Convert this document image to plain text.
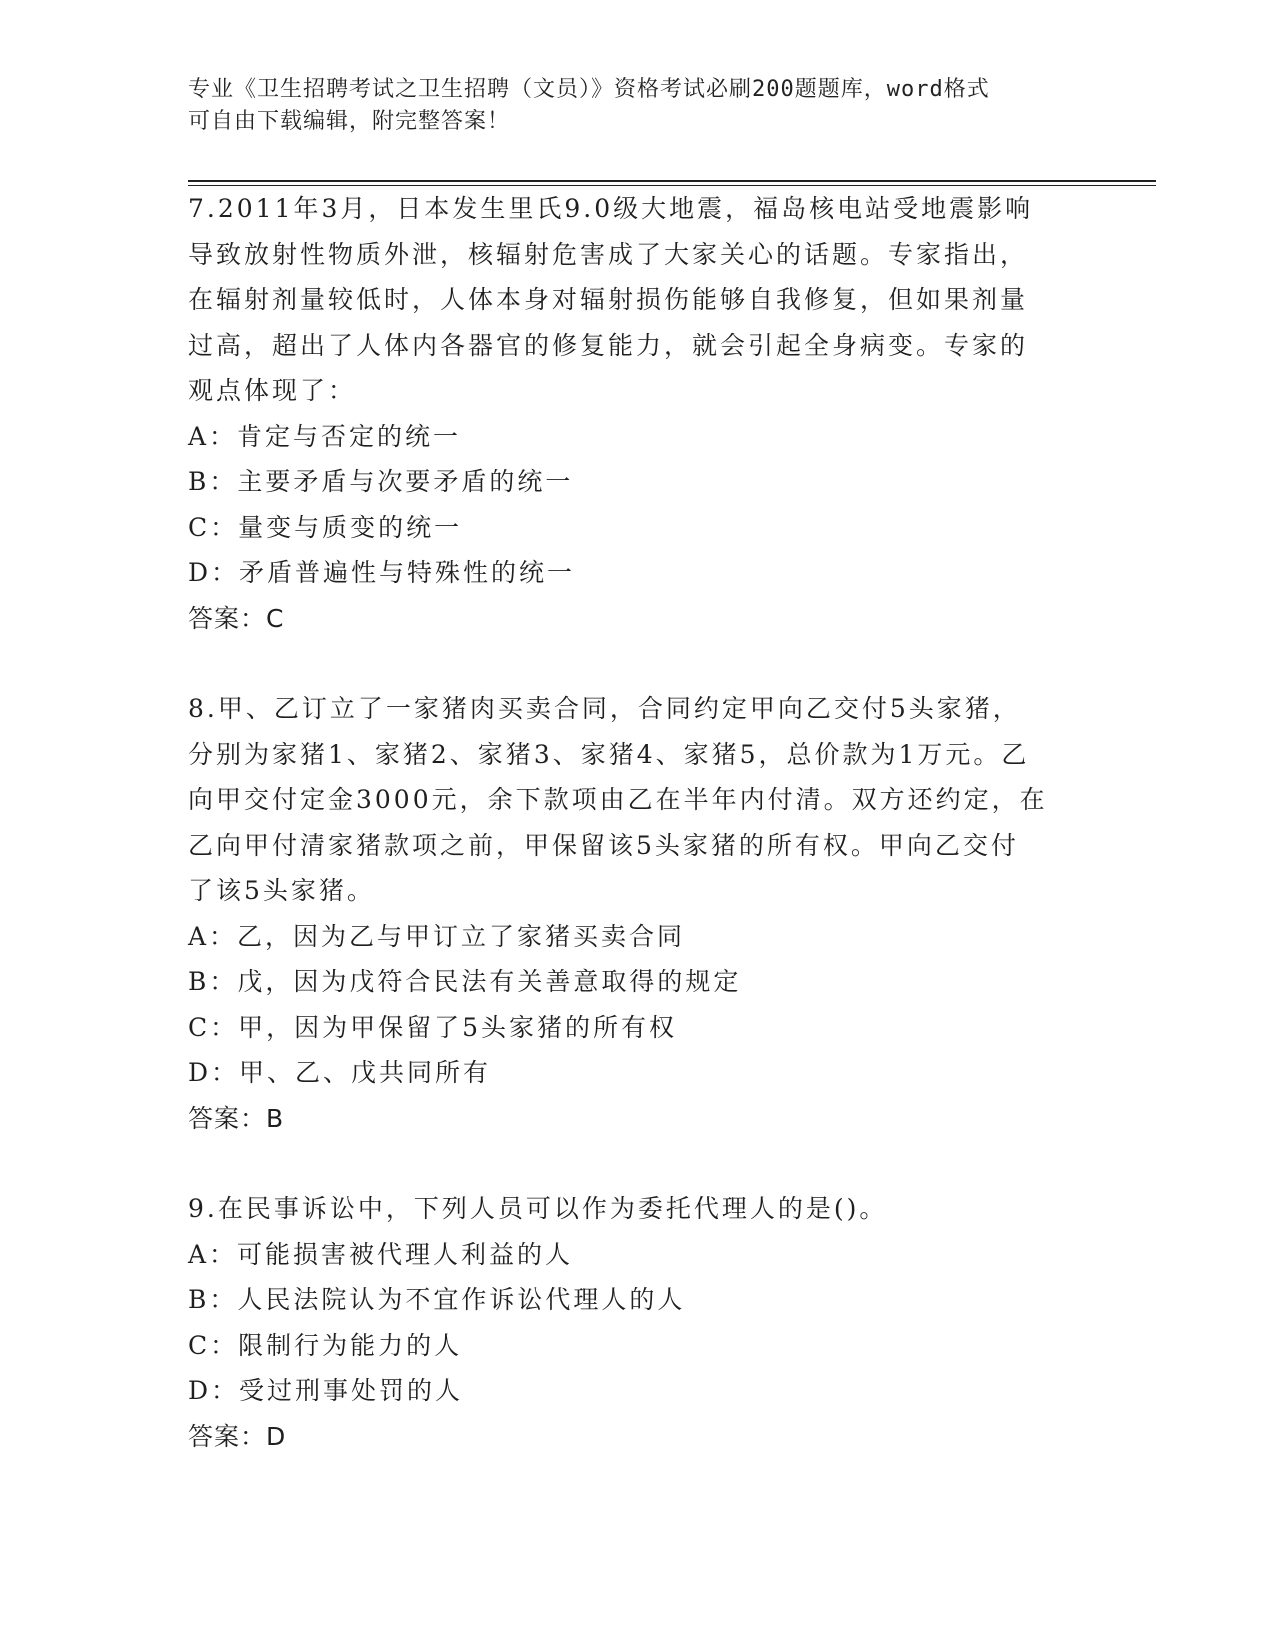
专业《卫生招聘考试之卫生招聘（文员）》资格考试必刷200题题库，word格式
可自由下载编辑，附完整答案！

7.2011年3月，日本发生里氏9.0级大地震，福岛核电站受地震影响

导致放射性物质外泄，核辐射危害成了大家关心的话题。专家指出，

在辐射剂量较低时，人体本身对辐射损伤能够自我修复，但如果剂量

过高，超出了人体内各器官的修复能力，就会引起全身病变。专家的

观点体现了：

A：肯定与否定的统一

B：主要矛盾与次要矛盾的统一

C：量变与质变的统一

D：矛盾普遍性与特殊性的统一

答案：C

8.甲、乙订立了一家猪肉买卖合同，合同约定甲向乙交付5头家猪，

分别为家猪1、家猪2、家猪3、家猪4、家猪5，总价款为1万元。乙

向甲交付定金3000元，余下款项由乙在半年内付清。双方还约定，在

乙向甲付清家猪款项之前，甲保留该5头家猪的所有权。甲向乙交付

了该5头家猪。

A：乙，因为乙与甲订立了家猪买卖合同

B：戊，因为戊符合民法有关善意取得的规定

C：甲，因为甲保留了5头家猪的所有权

D：甲、乙、戊共同所有

答案：B

9.在民事诉讼中，下列人员可以作为委托代理人的是()。

A：可能损害被代理人利益的人

B：人民法院认为不宜作诉讼代理人的人

C：限制行为能力的人

D：受过刑事处罚的人

答案：D
